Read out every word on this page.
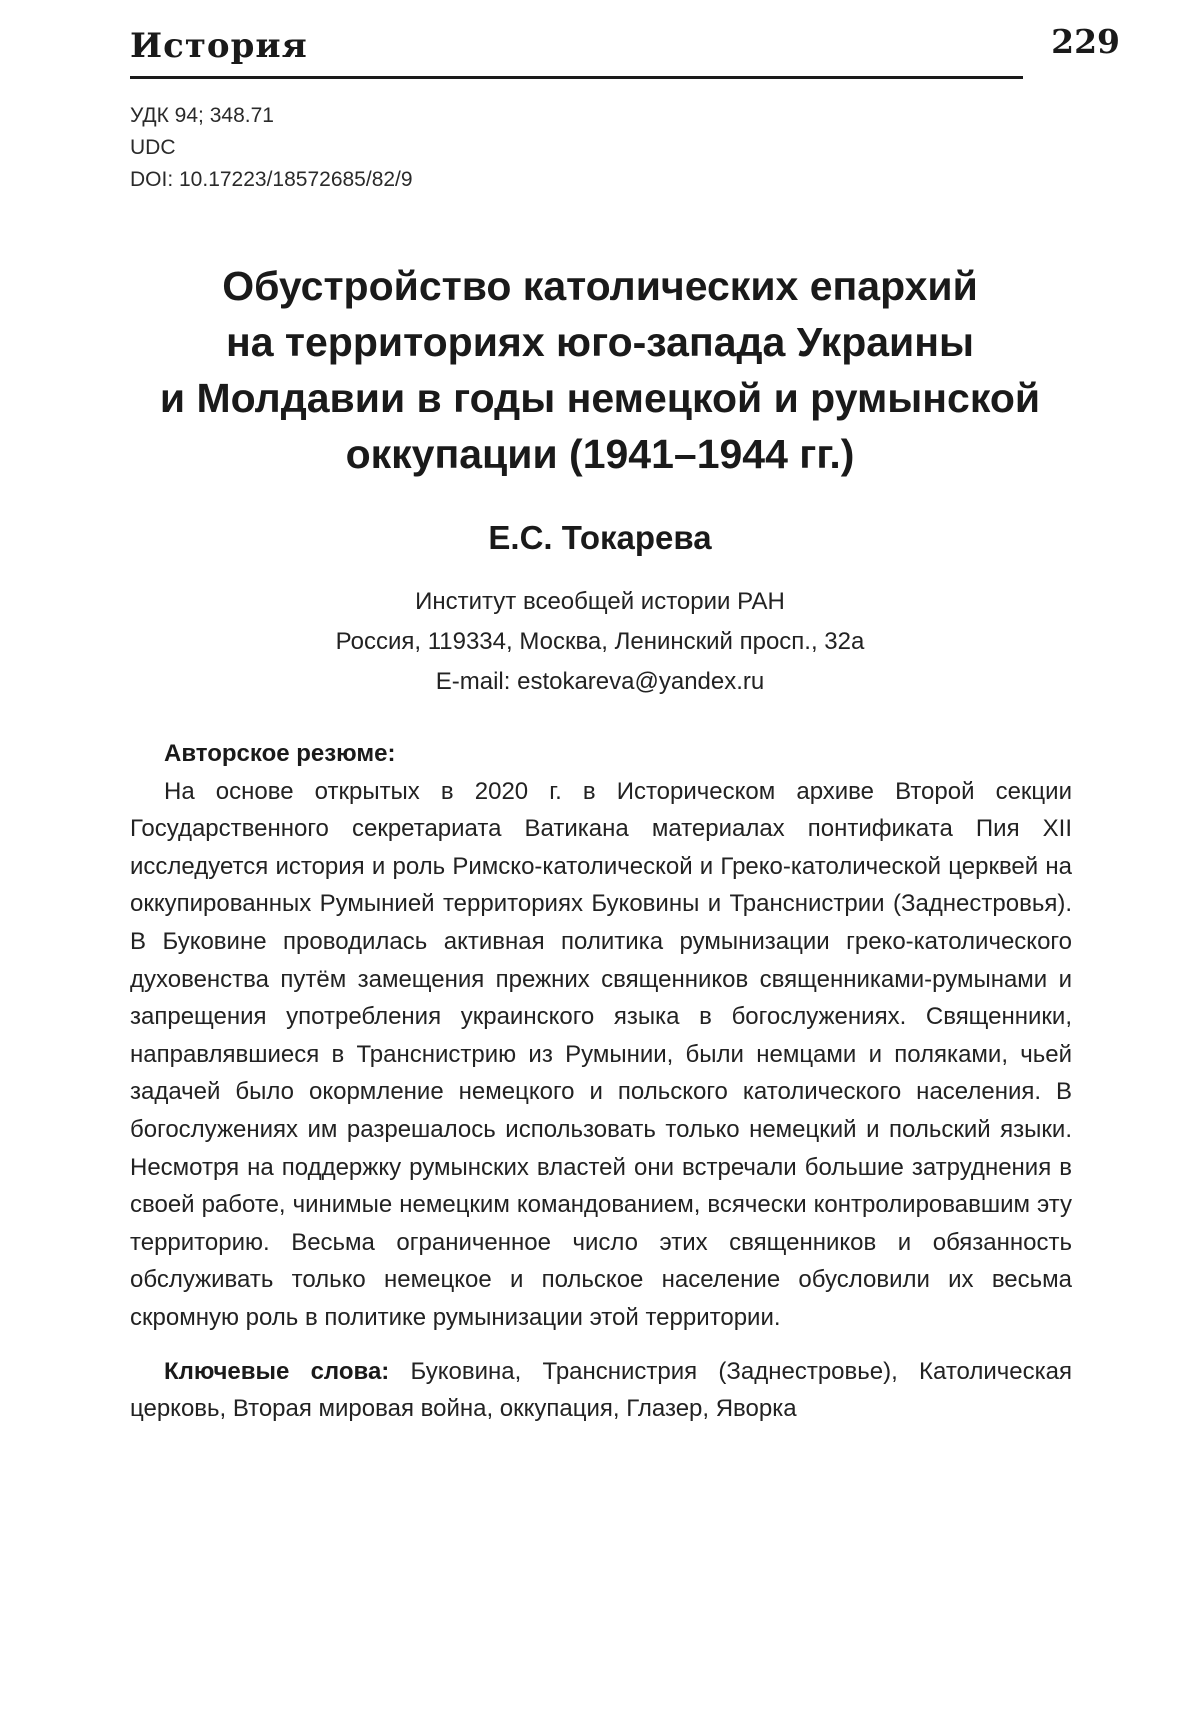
История	229
УДК 94; 348.71
UDC
DOI: 10.17223/18572685/82/9
Обустройство католических епархий
на территориях юго-запада Украины
и Молдавии в годы немецкой и румынской
оккупации (1941–1944 гг.)
Е.С. Токарева
Институт всеобщей истории РАН
Россия, 119334, Москва, Ленинский просп., 32а
E-mail: estokareva@yandex.ru
Авторское резюме:

На основе открытых в 2020 г. в Историческом архиве Второй секции Государственного секретариата Ватикана материалах понтификата Пия XII исследуется история и роль Римско-католической и Греко-католической церквей на оккупированных Румынией территориях Буковины и Транснистрии (Заднестровья). В Буковине проводилась активная политика румынизации греко-католического духовенства путём замещения прежних священников священниками-румынами и запрещения употребления украинского языка в богослужениях. Священники, направлявшиеся в Транснистрию из Румынии, были немцами и поляками, чьей задачей было окормление немецкого и польского католического населения. В богослужениях им разрешалось использовать только немецкий и польский языки. Несмотря на поддержку румынских властей они встречали большие затруднения в своей работе, чинимые немецким командованием, всячески контролировавшим эту территорию. Весьма ограниченное число этих священников и обязанность обслуживать только немецкое и польское население обусловили их весьма скромную роль в политике румынизации этой территории.

Ключевые слова: Буковина, Транснистрия (Заднестровье), Католическая церковь, Вторая мировая война, оккупация, Глазер, Яворка
